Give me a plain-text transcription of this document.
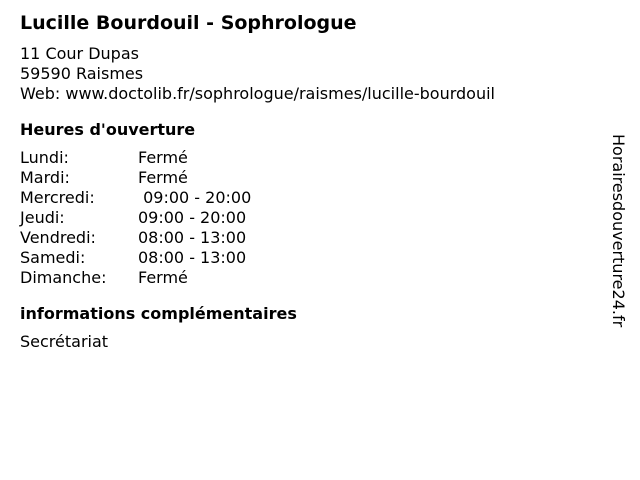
Lucille Bourdouil - Sophrologue
11 Cour Dupas
59590 Raismes
Web: www.doctolib.fr/sophrologue/raismes/lucille-bourdouil
Heures d'ouverture
Lundi:	Fermé
Mardi:	Fermé
Mercredi:	09:00 - 20:00
Jeudi:	09:00 - 20:00
Vendredi:	08:00 - 13:00
Samedi:	08:00 - 13:00
Dimanche:	Fermé
informations complémentaires
Secrétariat
Horairesdouverture24.fr
